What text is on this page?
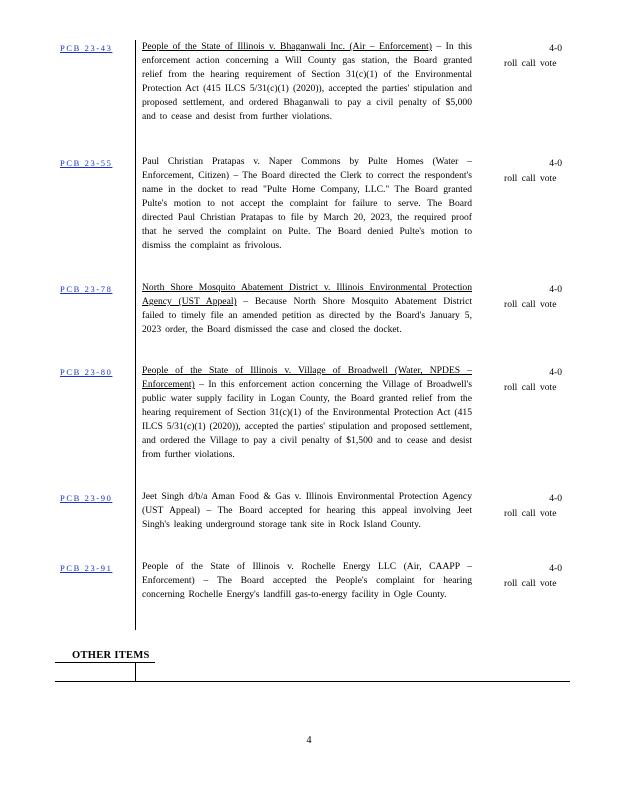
PCB 23-43	People of the State of Illinois v. Bhaganwali Inc. (Air – Enforcement) – In this enforcement action concerning a Will County gas station, the Board granted relief from the hearing requirement of Section 31(c)(1) of the Environmental Protection Act (415 ILCS 5/31(c)(1) (2020)), accepted the parties' stipulation and proposed settlement, and ordered Bhaganwali to pay a civil penalty of $5,000 and to cease and desist from further violations.
4-0
roll call vote
PCB 23-55	Paul Christian Pratapas v. Naper Commons by Pulte Homes (Water – Enforcement, Citizen) – The Board directed the Clerk to correct the respondent's name in the docket to read "Pulte Home Company, LLC." The Board granted Pulte's motion to not accept the complaint for failure to serve. The Board directed Paul Christian Pratapas to file by March 20, 2023, the required proof that he served the complaint on Pulte. The Board denied Pulte's motion to dismiss the complaint as frivolous.
4-0
roll call vote
PCB 23-78	North Shore Mosquito Abatement District v. Illinois Environmental Protection Agency (UST Appeal) – Because North Shore Mosquito Abatement District failed to timely file an amended petition as directed by the Board's January 5, 2023 order, the Board dismissed the case and closed the docket.
4-0
roll call vote
PCB 23-80	People of the State of Illinois v. Village of Broadwell (Water, NPDES – Enforcement) – In this enforcement action concerning the Village of Broadwell's public water supply facility in Logan County, the Board granted relief from the hearing requirement of Section 31(c)(1) of the Environmental Protection Act (415 ILCS 5/31(c)(1) (2020)), accepted the parties' stipulation and proposed settlement, and ordered the Village to pay a civil penalty of $1,500 and to cease and desist from further violations.
4-0
roll call vote
PCB 23-90	Jeet Singh d/b/a Aman Food & Gas v. Illinois Environmental Protection Agency (UST Appeal) – The Board accepted for hearing this appeal involving Jeet Singh's leaking underground storage tank site in Rock Island County.
4-0
roll call vote
PCB 23-91	People of the State of Illinois v. Rochelle Energy LLC (Air, CAAPP – Enforcement) – The Board accepted the People's complaint for hearing concerning Rochelle Energy's landfill gas-to-energy facility in Ogle County.
4-0
roll call vote
OTHER ITEMS
4
